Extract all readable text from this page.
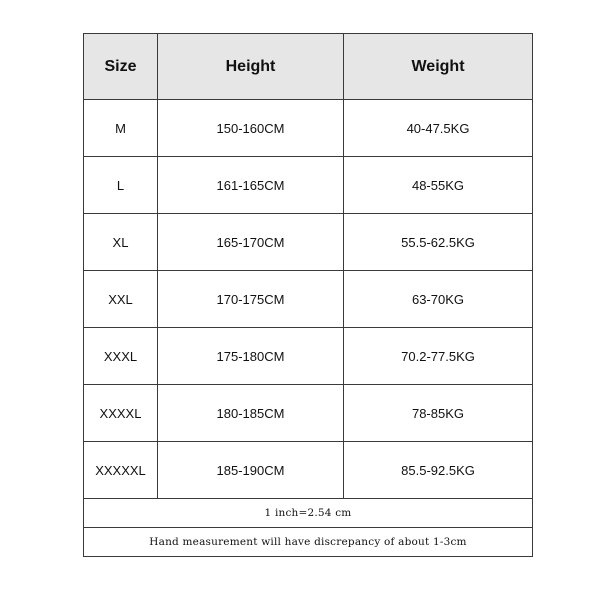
Size	Height	Weight
M	150-160CM	40-47.5KG
L	161-165CM	48-55KG
XL	165-170CM	55.5-62.5KG
XXL	170-175CM	63-70KG
XXXL	175-180CM	70.2-77.5KG
XXXXL	180-185CM	78-85KG
XXXXXL	185-190CM	85.5-92.5KG
1 inch=2.54 cm		
Hand measurement will have discrepancy of about 1-3cm		
